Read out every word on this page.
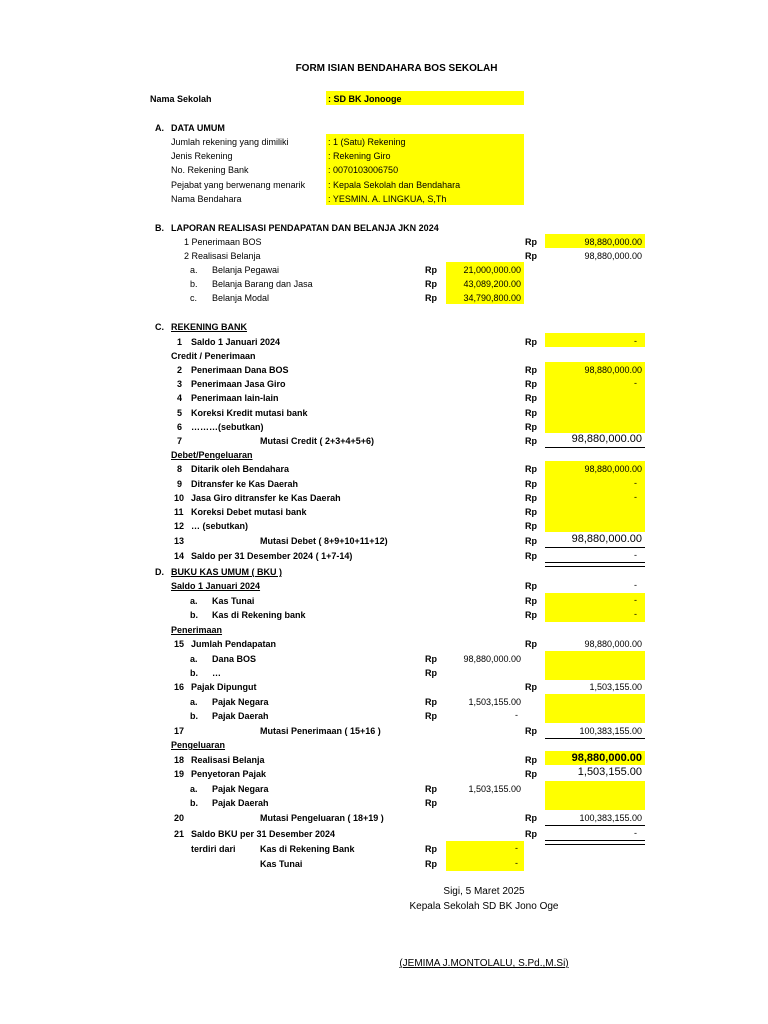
FORM ISIAN BENDAHARA BOS SEKOLAH
Nama Sekolah	: SD BK Jonooge
A. DATA UMUM
Jumlah rekening yang dimiliki	: 1 (Satu) Rekening
Jenis Rekening	: Rekening Giro
No. Rekening Bank	: 0070103006750
Pejabat yang berwenang menarik	: Kepala Sekolah dan Bendahara
Nama Bendahara	: YESMIN. A. LINGKUA, S,Th
B. LAPORAN REALISASI PENDAPATAN DAN BELANJA JKN 2024
1 Penerimaan BOS	Rp	98,880,000.00
2 Realisasi Belanja	Rp	98,880,000.00
a. Belanja Pegawai	Rp	21,000,000.00
b. Belanja Barang dan Jasa	Rp	43,089,200.00
c. Belanja Modal	Rp	34,790,800.00
C. REKENING BANK
1 Saldo 1 Januari 2024	Rp	-
Credit / Penerimaan
2 Penerimaan Dana BOS	Rp	98,880,000.00
3 Penerimaan Jasa Giro	Rp	-
4 Penerimaan lain-lain	Rp
5 Koreksi Kredit mutasi bank	Rp
6 ………(sebutkan)	Rp
7	Mutasi Credit ( 2+3+4+5+6)	Rp	98,880,000.00
Debet/Pengeluaran
8 Ditarik oleh Bendahara	Rp	98,880,000.00
9 Ditransfer ke Kas Daerah	Rp	-
10 Jasa Giro ditransfer ke Kas Daerah	Rp	-
11 Koreksi Debet mutasi bank	Rp
12 … (sebutkan)	Rp
13	Mutasi Debet ( 8+9+10+11+12)	Rp	98,880,000.00
14 Saldo per 31 Desember 2024 ( 1+7-14)	Rp	-
D. BUKU KAS UMUM ( BKU )
Saldo 1 Januari 2024	Rp	-
a. Kas Tunai	Rp	-
b. Kas di Rekening bank	Rp	-
Penerimaan
15 Jumlah Pendapatan	Rp	98,880,000.00
a. Dana BOS	Rp	98,880,000.00
b. …	Rp
16 Pajak Dipungut	Rp	1,503,155.00
a. Pajak Negara	Rp	1,503,155.00
b. Pajak Daerah	Rp	-
17	Mutasi Penerimaan ( 15+16 )	Rp	100,383,155.00
Pengeluaran
18 Realisasi Belanja	Rp	98,880,000.00
19 Penyetoran Pajak	Rp	1,503,155.00
a. Pajak Negara	Rp	1,503,155.00
b. Pajak Daerah	Rp
20	Mutasi Pengeluaran ( 18+19 )	Rp	100,383,155.00
21 Saldo BKU per 31 Desember 2024	Rp	-
terdiri dari	Kas di Rekening Bank	Rp	-
Kas Tunai	Rp	-
Sigi, 5 Maret 2025
Kepala Sekolah SD BK Jono Oge
(JEMIMA J.MONTOLALU, S.Pd.,M.Si)
